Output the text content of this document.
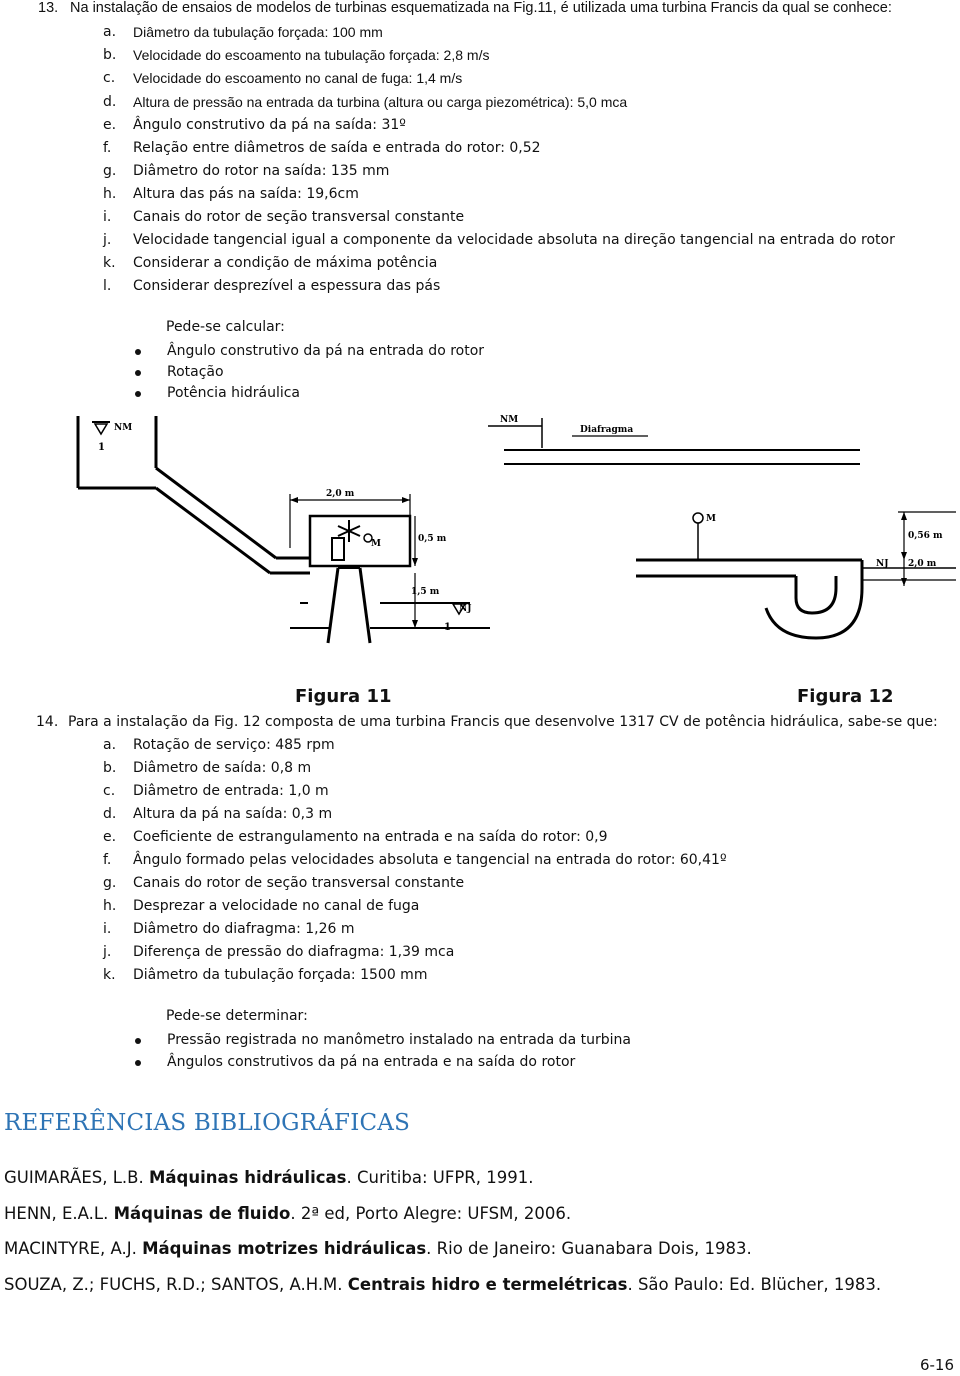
13. Na instalação de ensaios de modelos de turbinas esquematizada na Fig.11, é utilizada uma turbina Francis da qual se conhece:
a. Diâmetro da tubulação forçada: 100 mm
b. Velocidade do escoamento na tubulação forçada: 2,8 m/s
c. Velocidade do escoamento no canal de fuga: 1,4 m/s
d. Altura de pressão na entrada da turbina (altura ou carga piezométrica): 5,0 mca
e. Ângulo construtivo da pá na saída: 31º
f. Relação entre diâmetros de saída e entrada do rotor: 0,52
g. Diâmetro do rotor na saída: 135 mm
h. Altura das pás na saída: 19,6cm
i. Canais do rotor de seção transversal constante
j. Velocidade tangencial igual a componente da velocidade absoluta na direção tangencial na entrada do rotor
k. Considerar a condição de máxima potência
l. Considerar desprezível a espessura das pás
Pede-se calcular:
Ângulo construtivo da pá na entrada do rotor
Rotação
Potência hidráulica
NM
1
2,0 m
M	0,5 m
1,5 m
NJ
1
NM
Diafragma
M
0,56 m
NJ 2,0 m
Figura 11	Figura 12
14. Para a instalação da Fig. 12 composta de uma turbina Francis que desenvolve 1317 CV de potência hidráulica, sabe-se que:
a. Rotação de serviço: 485 rpm
b. Diâmetro de saída: 0,8 m
c. Diâmetro de entrada: 1,0 m
d. Altura da pá na saída: 0,3 m
e. Coeficiente de estrangulamento na entrada e na saída do rotor: 0,9
f. Ângulo formado pelas velocidades absoluta e tangencial na entrada do rotor: 60,41º
g. Canais do rotor de seção transversal constante
h. Desprezar a velocidade no canal de fuga
i. Diâmetro do diafragma: 1,26 m
j. Diferença de pressão do diafragma: 1,39 mca
k. Diâmetro da tubulação forçada: 1500 mm
Pede-se determinar:
Pressão registrada no manômetro instalado na entrada da turbina
Ângulos construtivos da pá na entrada e na saída do rotor
REFERÊNCIAS BIBLIOGRÁFICAS
GUIMARÃES, L.B. Máquinas hidráulicas. Curitiba: UFPR, 1991.
HENN, E.A.L. Máquinas de fluido. 2ª ed, Porto Alegre: UFSM, 2006.
MACINTYRE, A.J. Máquinas motrizes hidráulicas. Rio de Janeiro: Guanabara Dois, 1983.
SOUZA, Z.; FUCHS, R.D.; SANTOS, A.H.M. Centrais hidro e termelétricas. São Paulo: Ed. Blücher, 1983.
6-16
